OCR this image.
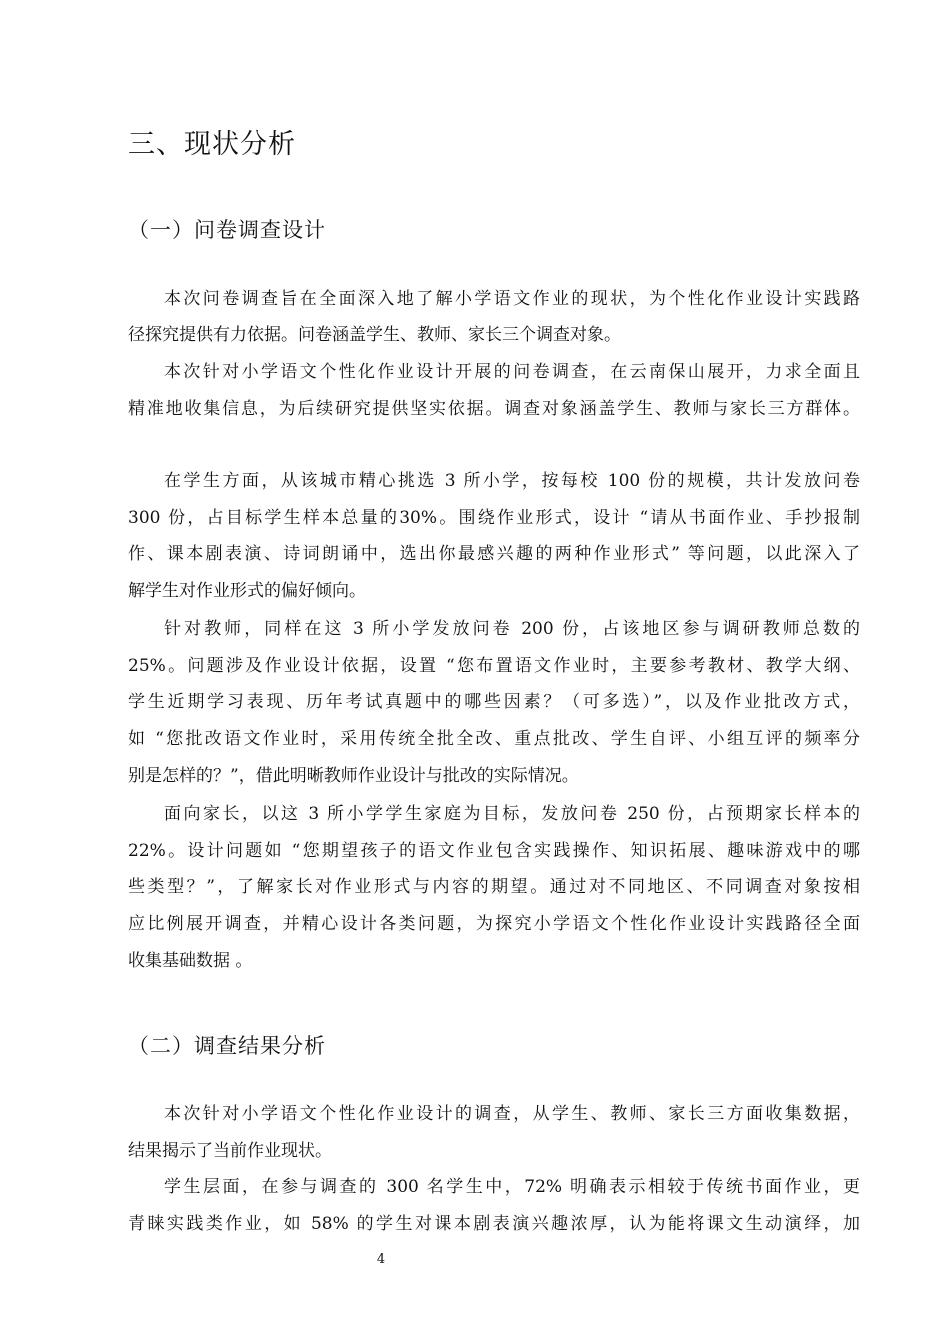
三、现状分析
（一）问卷调查设计
本次问卷调查旨在全面深入地了解小学语文作业的现状，为个性化作业设计实践路
径探究提供有力依据。问卷涵盖学生、教师、家长三个调查对象。
本次针对小学语文个性化作业设计开展的问卷调查，在云南保山展开，力求全面且
精准地收集信息，为后续研究提供坚实依据。调查对象涵盖学生、教师与家长三方群体。
在学生方面，从该城市精心挑选 3 所小学，按每校 100 份的规模，共计发放问卷
300 份，占目标学生样本总量的30%。围绕作业形式，设计 “请从书面作业、手抄报制
作、课本剧表演、诗词朗诵中，选出你最感兴趣的两种作业形式” 等问题，以此深入了
解学生对作业形式的偏好倾向。
针对教师，同样在这 3 所小学发放问卷 200 份，占该地区参与调研教师总数的
25%。问题涉及作业设计依据，设置 “您布置语文作业时，主要参考教材、教学大纲、
学生近期学习表现、历年考试真题中的哪些因素？（可多选）”，以及作业批改方式，
如 “您批改语文作业时，采用传统全批全改、重点批改、学生自评、小组互评的频率分
别是怎样的？”，借此明晰教师作业设计与批改的实际情况。
面向家长，以这 3 所小学学生家庭为目标，发放问卷 250 份，占预期家长样本的
22%。设计问题如 “您期望孩子的语文作业包含实践操作、知识拓展、趣味游戏中的哪
些类型？”，了解家长对作业形式与内容的期望。通过对不同地区、不同调查对象按相
应比例展开调查，并精心设计各类问题，为探究小学语文个性化作业设计实践路径全面
收集基础数据 。
（二）调查结果分析
本次针对小学语文个性化作业设计的调查，从学生、教师、家长三方面收集数据，
结果揭示了当前作业现状。
学生层面，在参与调查的 300 名学生中，72% 明确表示相较于传统书面作业，更
青睐实践类作业，如 58% 的学生对课本剧表演兴趣浓厚，认为能将课文生动演绎，加
4
